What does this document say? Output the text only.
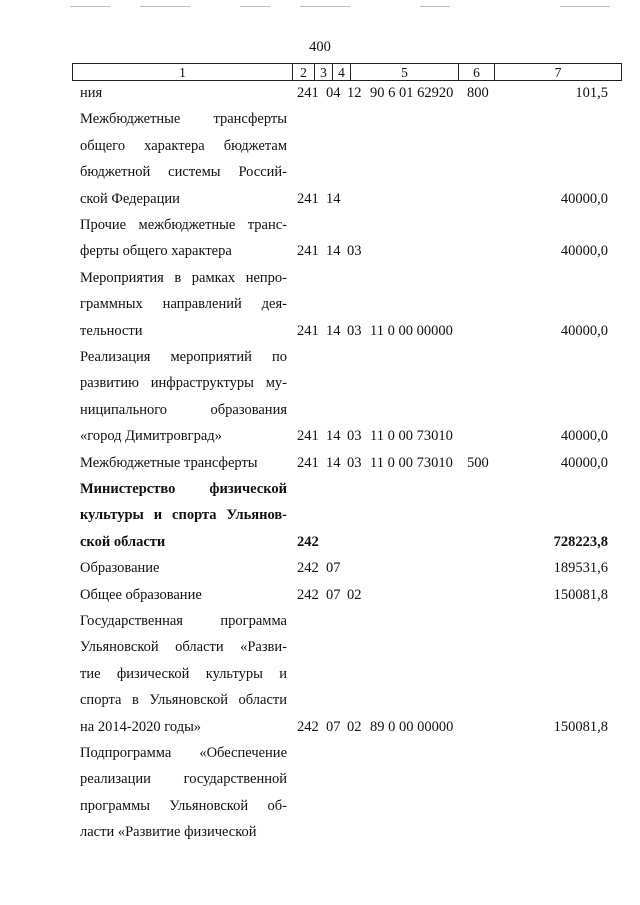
400
1	2 3 4	5	6	7
ния	241 04 12 90 6 01 62920 800	101,5
Межбюджетные трансферты
общего характера бюджетам
бюджетной системы Россий-
ской Федерации	241 14	40000,0
Прочие межбюджетные транс-
ферты общего характера	241 14 03	40000,0
Мероприятия в рамках непро-
граммных направлений дея-
тельности	241 14 03 11 0 00 00000	40000,0
Реализация мероприятий по
развитию инфраструктуры му-
ниципального образования
«город Димитровград»	241 14 03 11 0 00 73010	40000,0
Межбюджетные трансферты	241 14 03 11 0 00 73010 500	40000,0
Министерство физической
культуры и спорта Ульянов-
ской области	242	728223,8
Образование	242 07	189531,6
Общее образование	242 07 02	150081,8
Государственная программа
Ульяновской области «Разви-
тие физической культуры и
спорта в Ульяновской области
на 2014-2020 годы»	242 07 02 89 0 00 00000	150081,8
Подпрограмма «Обеспечение
реализации государственной
программы Ульяновской об-
ласти «Развитие физической
